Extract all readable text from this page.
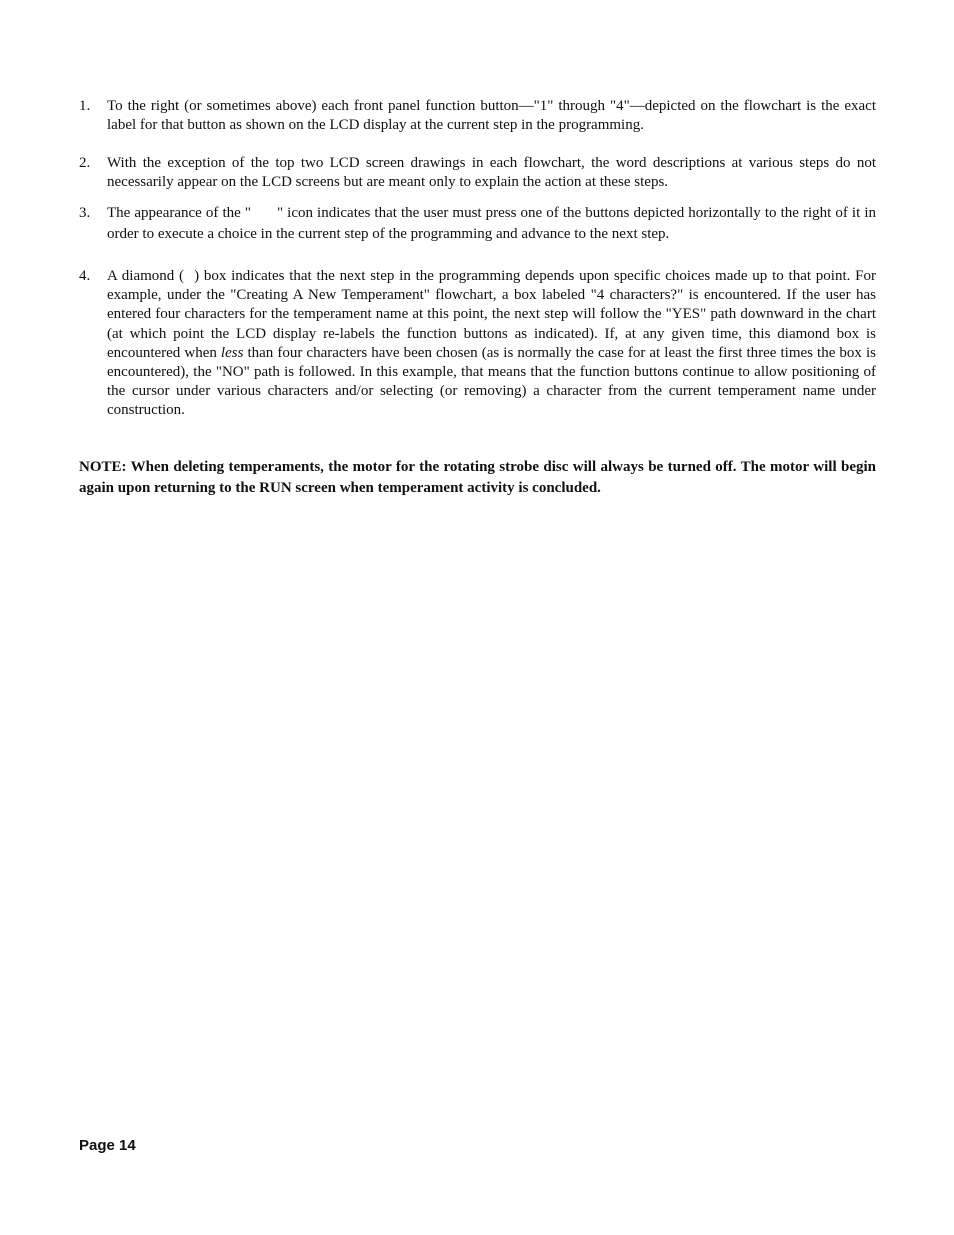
1. To the right (or sometimes above) each front panel function button—"1" through "4"—depicted on the flowchart is the exact label for that button as shown on the LCD display at the current step in the programming.
2. With the exception of the top two LCD screen drawings in each flowchart, the word descriptions at various steps do not necessarily appear on the LCD screens but are meant only to explain the action at these steps.
3. The appearance of the " " icon indicates that the user must press one of the buttons depicted horizontally to the right of it in order to execute a choice in the current step of the programming and advance to the next step.
4. A diamond ( ) box indicates that the next step in the programming depends upon specific choices made up to that point. For example, under the "Creating A New Temperament" flowchart, a box labeled "4 characters?" is encountered. If the user has entered four characters for the temperament name at this point, the next step will follow the "YES" path downward in the chart (at which point the LCD display re-labels the function buttons as indicated). If, at any given time, this diamond box is encountered when less than four characters have been chosen (as is normally the case for at least the first three times the box is encountered), the "NO" path is followed. In this example, that means that the function buttons continue to allow positioning of the cursor under various characters and/or selecting (or removing) a character from the current temperament name under construction.
NOTE: When deleting temperaments, the motor for the rotating strobe disc will always be turned off. The motor will begin again upon returning to the RUN screen when temperament activity is concluded.
Page 14
